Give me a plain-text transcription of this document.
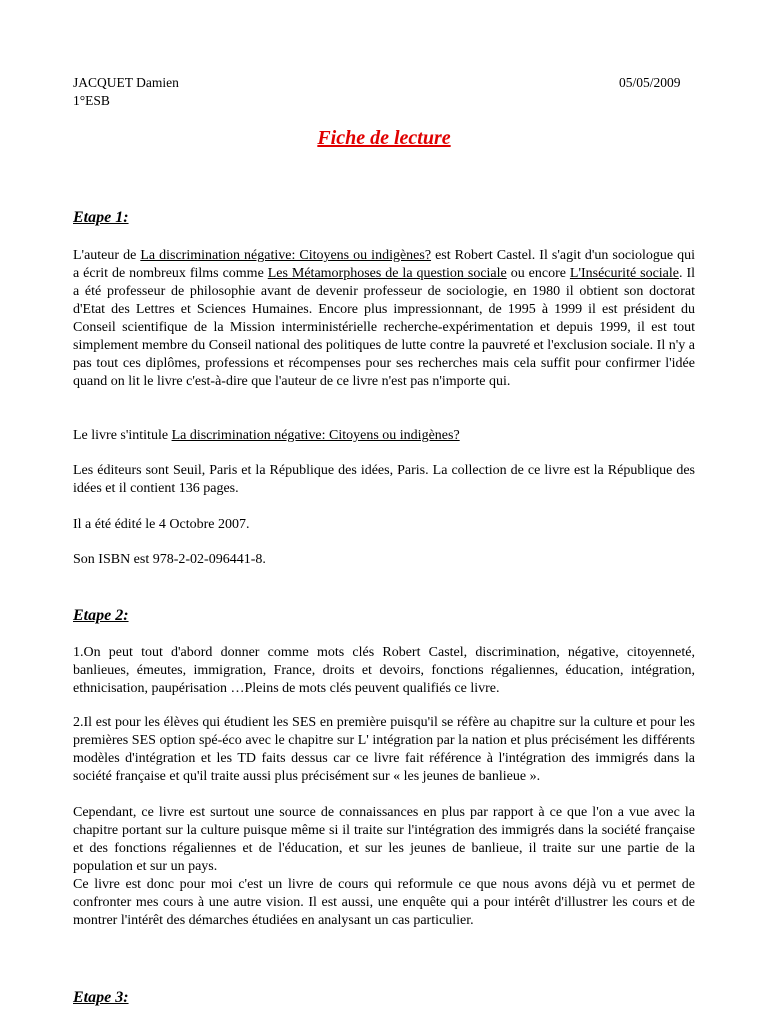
JACQUET Damien
1°ESB
05/05/2009
Fiche de lecture
Etape 1:

L'auteur de La discrimination négative: Citoyens ou indigènes? est Robert Castel. Il s'agit d'un sociologue qui a écrit de nombreux films comme Les Métamorphoses de la question sociale ou encore L'Insécurité sociale. Il a été professeur de philosophie avant de devenir professeur de sociologie, en 1980 il obtient son doctorat d'Etat des Lettres et Sciences Humaines. Encore plus impressionnant, de 1995 à 1999 il est président du Conseil scientifique de la Mission interministérielle recherche-expérimentation et depuis 1999, il est tout simplement membre du Conseil national des politiques de lutte contre la pauvreté et l'exclusion sociale. Il n'y a pas tout ces diplômes, professions et récompenses pour ses recherches mais cela suffit pour confirmer l'idée quand on lit le livre c'est-à-dire que l'auteur de ce livre n'est pas n'importe qui.

Le livre s'intitule La discrimination négative: Citoyens ou indigènes?

Les éditeurs sont Seuil, Paris et la République des idées, Paris. La collection de ce livre est la République des idées et il contient 136 pages.

Il a été édité le 4 Octobre 2007.

Son ISBN est 978-2-02-096441-8.

Etape 2:

1.On peut tout d'abord donner comme mots clés Robert Castel, discrimination, négative, citoyenneté, banlieues, émeutes, immigration, France, droits et devoirs, fonctions régaliennes, éducation, intégration, ethnicisation, paupérisation …Pleins de mots clés peuvent qualifiés ce livre.

2.Il est pour les élèves qui étudient les SES en première puisqu'il se réfère au chapitre sur la culture et pour les premières SES option spé-éco avec le chapitre sur L' intégration par la nation et plus précisément les différents modèles d'intégration et les TD faits dessus car ce livre fait référence à l'intégration des immigrés dans la société française et qu'il traite aussi plus précisément sur « les jeunes de banlieue ».

Cependant, ce livre est surtout une source de connaissances en plus par rapport à ce que l'on a vue avec la chapitre portant sur la culture puisque même si il traite sur l'intégration des immigrés dans la société française et des fonctions régaliennes et de l'éducation, et sur les jeunes de banlieue, il traite sur une partie de la population et sur un pays.

Ce livre est donc pour moi c'est un livre de cours qui reformule ce que nous avons déjà vu et permet de confronter mes cours à une autre vision. Il est aussi, une enquête qui a pour intérêt d'illustrer les cours et de montrer l'intérêt des démarches étudiées en analysant un cas particulier.

Etape 3:
